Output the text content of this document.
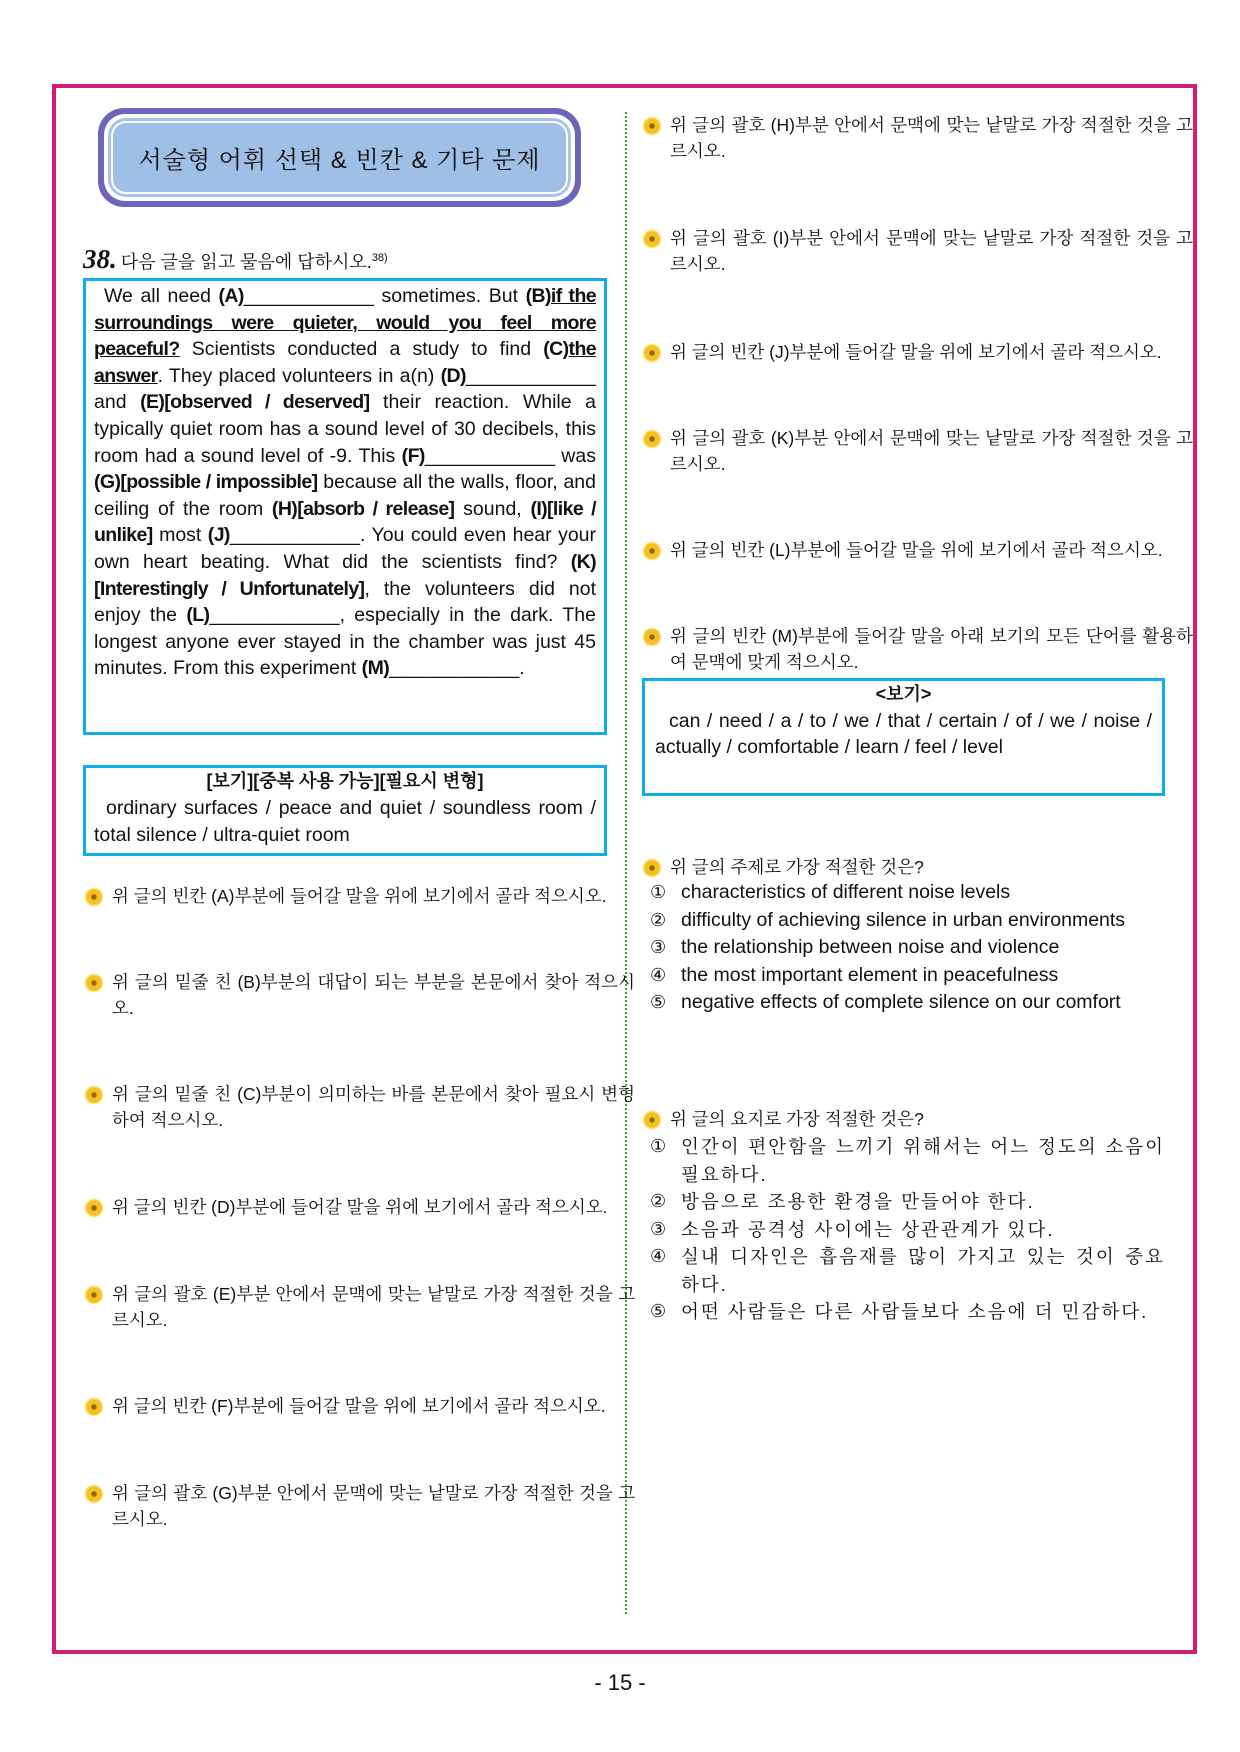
서술형 어휘 선택 & 빈칸 & 기타 문제
38. 다음 글을 읽고 물음에 답하시오.$^{38)}$
We all need (A)____________ sometimes. But (B)if the surroundings were quieter, would you feel more peaceful? Scientists conducted a study to find (C)the answer. They placed volunteers in a(n) (D)____________ and (E)[observed / deserved] their reaction. While a typically quiet room has a sound level of 30 decibels, this room had a sound level of -9. This (F)____________ was (G)[possible / impossible] because all the walls, floor, and ceiling of the room (H)[absorb / release] sound, (I)[like / unlike] most (J)____________. You could even hear your own heart beating. What did the scientists find? (K)[Interestingly / Unfortunately], the volunteers did not enjoy the (L)____________, especially in the dark. The longest anyone ever stayed in the chamber was just 45 minutes. From this experiment (M)____________.
[보기][중복 사용 가능][필요시 변형]
ordinary surfaces / peace and quiet / soundless room / total silence / ultra-quiet room
위 글의 빈칸 (A)부분에 들어갈 말을 위에 보기에서 골라 적으시오.
위 글의 밑줄 친 (B)부분의 대답이 되는 부분을 본문에서 찾아 적으시오.
위 글의 밑줄 친 (C)부분이 의미하는 바를 본문에서 찾아 필요시 변형하여 적으시오.
위 글의 빈칸 (D)부분에 들어갈 말을 위에 보기에서 골라 적으시오.
위 글의 괄호 (E)부분 안에서 문맥에 맞는 낱말로 가장 적절한 것을 고르시오.
위 글의 빈칸 (F)부분에 들어갈 말을 위에 보기에서 골라 적으시오.
위 글의 괄호 (G)부분 안에서 문맥에 맞는 낱말로 가장 적절한 것을 고르시오.
위 글의 괄호 (H)부분 안에서 문맥에 맞는 낱말로 가장 적절한 것을 고르시오.
위 글의 괄호 (I)부분 안에서 문맥에 맞는 낱말로 가장 적절한 것을 고르시오.
위 글의 빈칸 (J)부분에 들어갈 말을 위에 보기에서 골라 적으시오.
위 글의 괄호 (K)부분 안에서 문맥에 맞는 낱말로 가장 적절한 것을 고르시오.
위 글의 빈칸 (L)부분에 들어갈 말을 위에 보기에서 골라 적으시오.
위 글의 빈칸 (M)부분에 들어갈 말을 아래 보기의 모든 단어를 활용하여 문맥에 맞게 적으시오.
<보기>
can / need / a / to / we / that / certain / of / we / noise / actually / comfortable / learn / feel / level
위 글의 주제로 가장 적절한 것은?
① characteristics of different noise levels
② difficulty of achieving silence in urban environments
③ the relationship between noise and violence
④ the most important element in peacefulness
⑤ negative effects of complete silence on our comfort
위 글의 요지로 가장 적절한 것은?
① 인간이 편안함을 느끼기 위해서는 어느 정도의 소음이 필요하다.
② 방음으로 조용한 환경을 만들어야 한다.
③ 소음과 공격성 사이에는 상관관계가 있다.
④ 실내 디자인은 흡음재를 많이 가지고 있는 것이 중요하다.
⑤ 어떤 사람들은 다른 사람들보다 소음에 더 민감하다.
- 15 -
